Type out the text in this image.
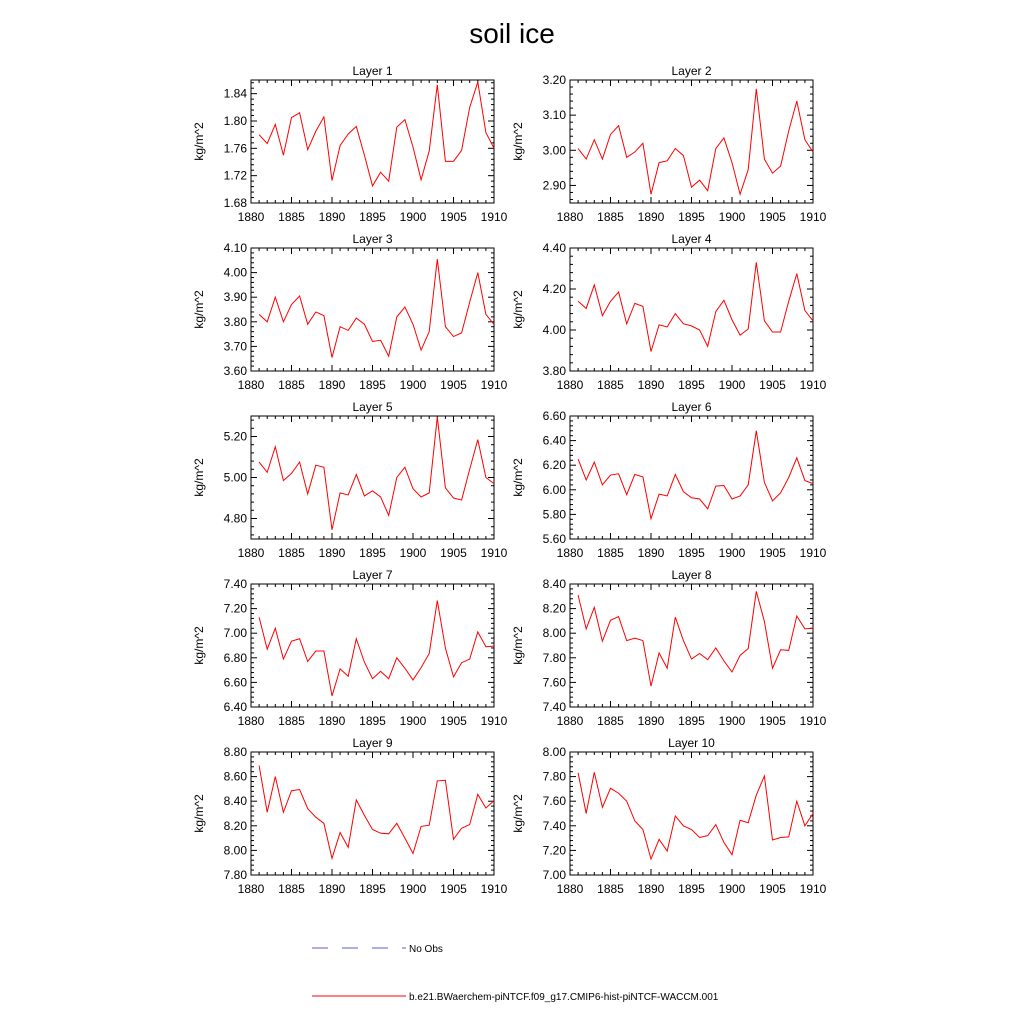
soil ice
Layer 1
kg/m^2
1880 1885 1890 1895 1900 1905 1910
1.68
1.72
1.76
1.80
1.84
Layer 2
kg/m^2
1880 1885 1890 1895 1900 1905 1910
2.90
3.00
3.10
3.20
Layer 3
kg/m^2
1880 1885 1890 1895 1900 1905 1910
3.60
3.70
3.80
3.90
4.00
4.10
Layer 4
kg/m^2
1880 1885 1890 1895 1900 1905 1910
3.80
4.00
4.20
4.40
Layer 5
kg/m^2
1880 1885 1890 1895 1900 1905 1910
4.80
5.00
5.20
Layer 6
kg/m^2
1880 1885 1890 1895 1900 1905 1910
5.60
5.80
6.00
6.20
6.40
6.60
Layer 7
kg/m^2
1880 1885 1890 1895 1900 1905 1910
6.40
6.60
6.80
7.00
7.20
7.40
Layer 8
kg/m^2
1880 1885 1890 1895 1900 1905 1910
7.40
7.60
7.80
8.00
8.20
8.40
Layer 9
kg/m^2
1880 1885 1890 1895 1900 1905 1910
7.80
8.00
8.20
8.40
8.60
8.80
Layer 10
kg/m^2
1880 1885 1890 1895 1900 1905 1910
7.00
7.20
7.40
7.60
7.80
8.00
No Obs
b.e21.BWaerchem-piNTCF.f09_g17.CMIP6-hist-piNTCF-WACCM.001
